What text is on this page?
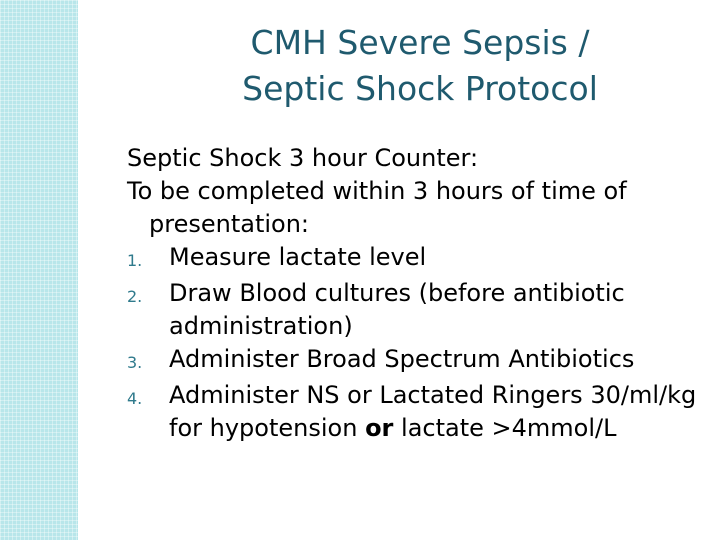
CMH Severe Sepsis /
Septic Shock Protocol
Septic Shock 3 hour Counter:
To be completed within 3 hours of time of presentation:
1.	Measure lactate level
2.	Draw Blood cultures (before antibiotic administration)
3.	Administer Broad Spectrum Antibiotics
4.	Administer NS or Lactated Ringers 30/ml/kg for hypotension or lactate >4mmol/L
